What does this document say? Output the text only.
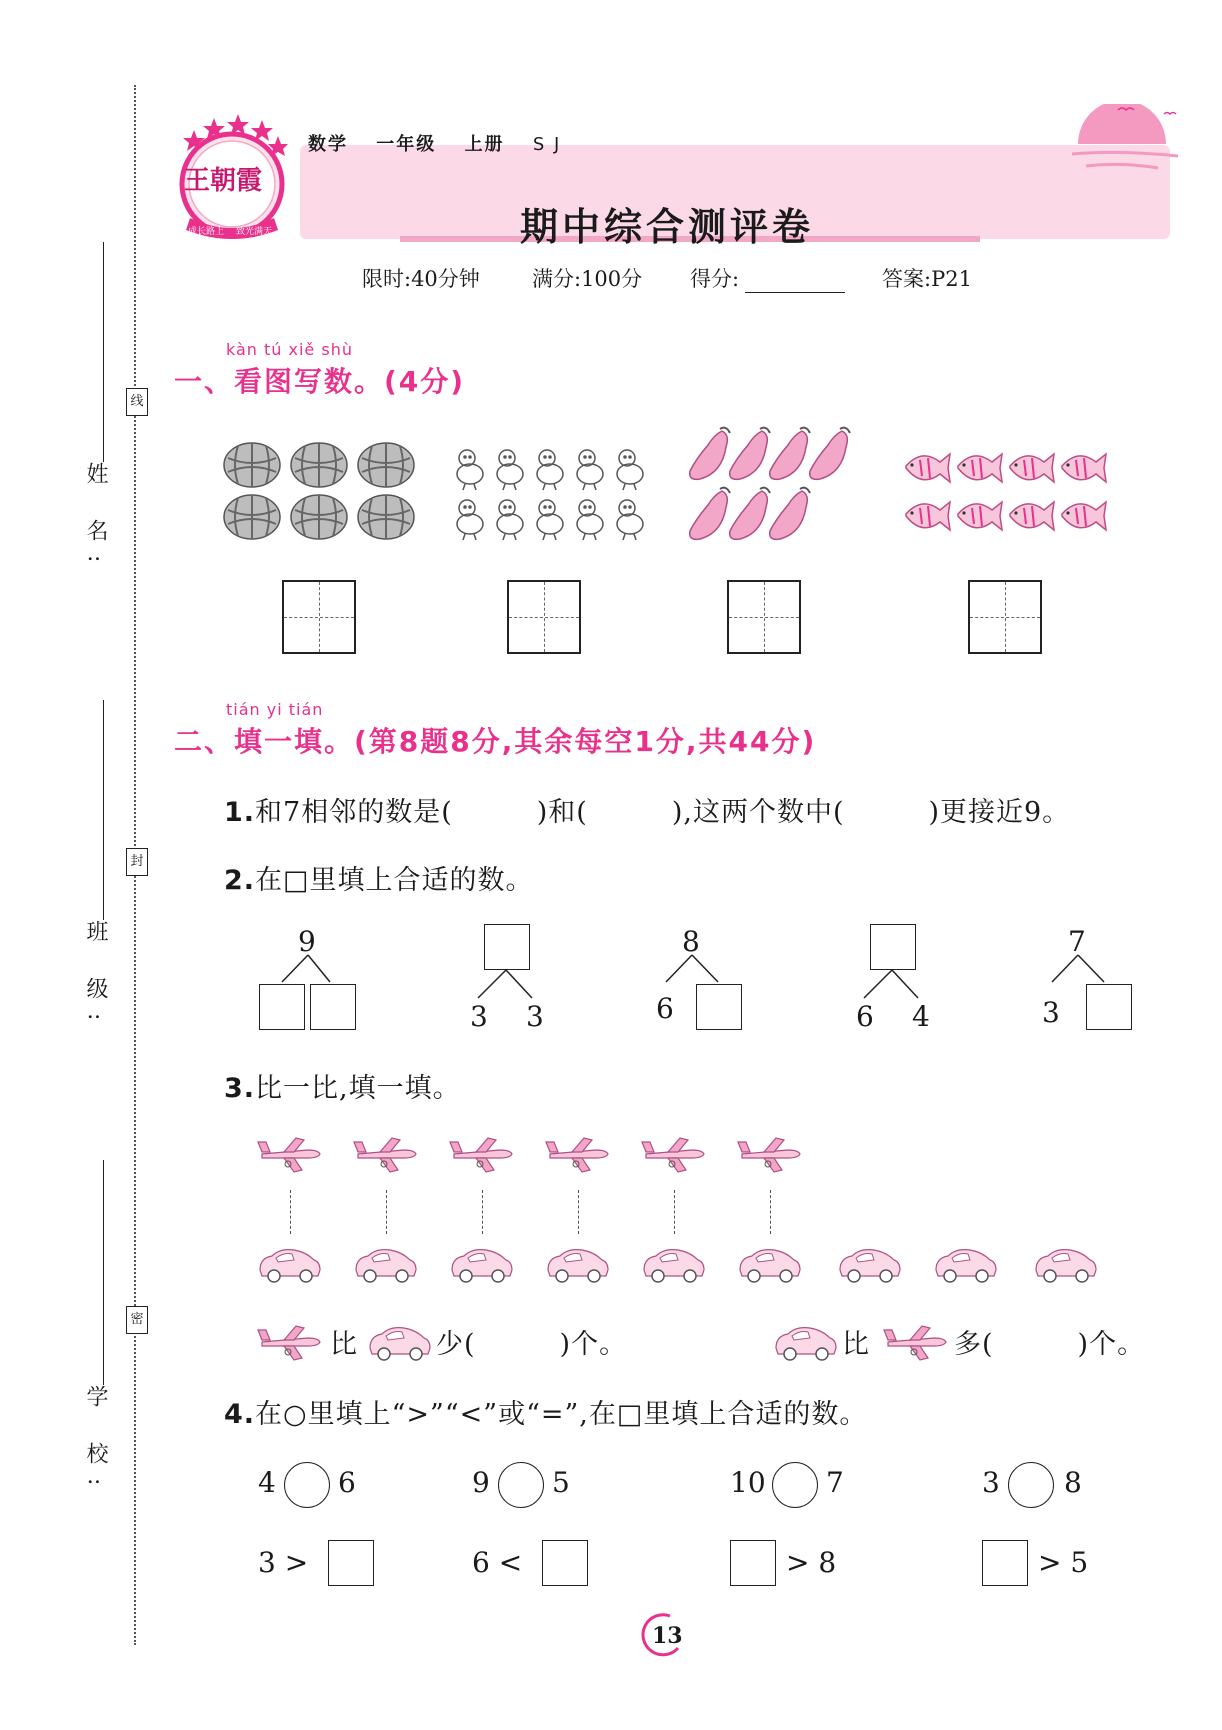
线
封
密
姓 名:
班 级:
学 校:
王朝霞
成长路上 致光满天
数学 一年级 上册 S J
期中综合测评卷
限时:40分钟 满分:100分 得分:	答案:P21
kàn tú xiě shù
一、看图写数。(4分)
tián yi tián
二、填一填。(第8题8分,其余每空1分,共44分)
1.和7相邻的数是(　　　)和(　　　),这两个数中(　　　)更接近9。
2.在□里填上合适的数。
9
3 3
8
6	6 4
7
3
3.比一比,填一填。
比	少(　　　)个。	比	多(　　　)个。
4.在○里填上“>”“<”或“=”,在□里填上合适的数。
4 6	9 5	10 7	3 8
3 >	6 <	> 8	> 5
13
